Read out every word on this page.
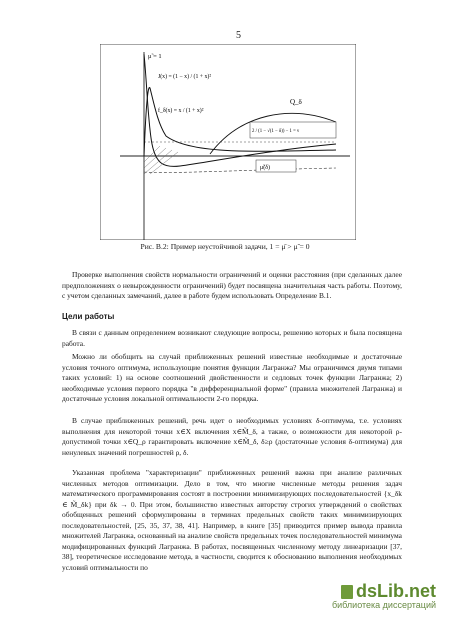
5
μ̃ = 1
J(x) = (1 − x) / (1 + x)²
f_δ(x) = x / (1 + x)²
Q_δ
2 / (1 − √(1 − δ)) − 1 = ν
μ̃(δ)
Рис. В.2: Пример неустойчивой задачи, 1 = μ̄ > μ̃ = 0

Проверке выполнения свойств нормальности ограничений и оценки расстояния (при сделанных далее предположениях о невырожденности ограничений) будет посвящена значительная часть работы. Поэтому, с учетом сделанных замечаний, далее в работе будем использовать Определение В.1.

Цели работы

В связи с данным определением возникают следующие вопросы, решению которых и была посвящена работа.

Можно ли обобщить на случай приближенных решений известные необходимые и достаточные условия точного оптимума, использующие понятия функции Лагранжа? Мы ограничимся двумя типами таких условий: 1) на основе соотношений двойственности и седловых точек функции Лагранжа; 2) необходимые условия первого порядка "в дифференциальной форме" (правила множителей Лагранжа) и достаточные условия локальной оптимальности 2-го порядка.

В случае приближенных решений, речь идет о необходимых условиях δ-оптимума, т.е. условиях выполнения для некоторой точки x∈X включения x∈M̃_δ, а также, о возможности для некоторой ρ-допустимой точки x∈Q_ρ гарантировать включение x∈M̃_δ, δ≥ρ (достаточные условия δ-оптимума) для ненулевых значений погрешностей ρ, δ.

Указанная проблема "характеризации" приближенных решений важна при анализе различных численных методов оптимизации. Дело в том, что многие численные методы решения задач математического программирования состоят в построении минимизирующих последовательностей {x_δk ∈ M̃_δk} при δk → 0. При этом, большинство известных авторству строгих утверждений о свойствах обобщенных решений сформулированы в терминах предельных свойств таких минимизирующих последовательностей, [25, 35, 37, 38, 41]. Например, в книге [35] приводится пример вывода правила множителей Лагранжа, основанный на анализе свойств предельных точек последовательностей минимума модифицированных функций Лагранжа. В работах, посвященных численному методу линеаризации [37, 38], теоретическое исследование метода, в частности, сводится к обоснованию выполнения необходимых условий оптимальности по

dsLib.net
библиотека диссертаций
